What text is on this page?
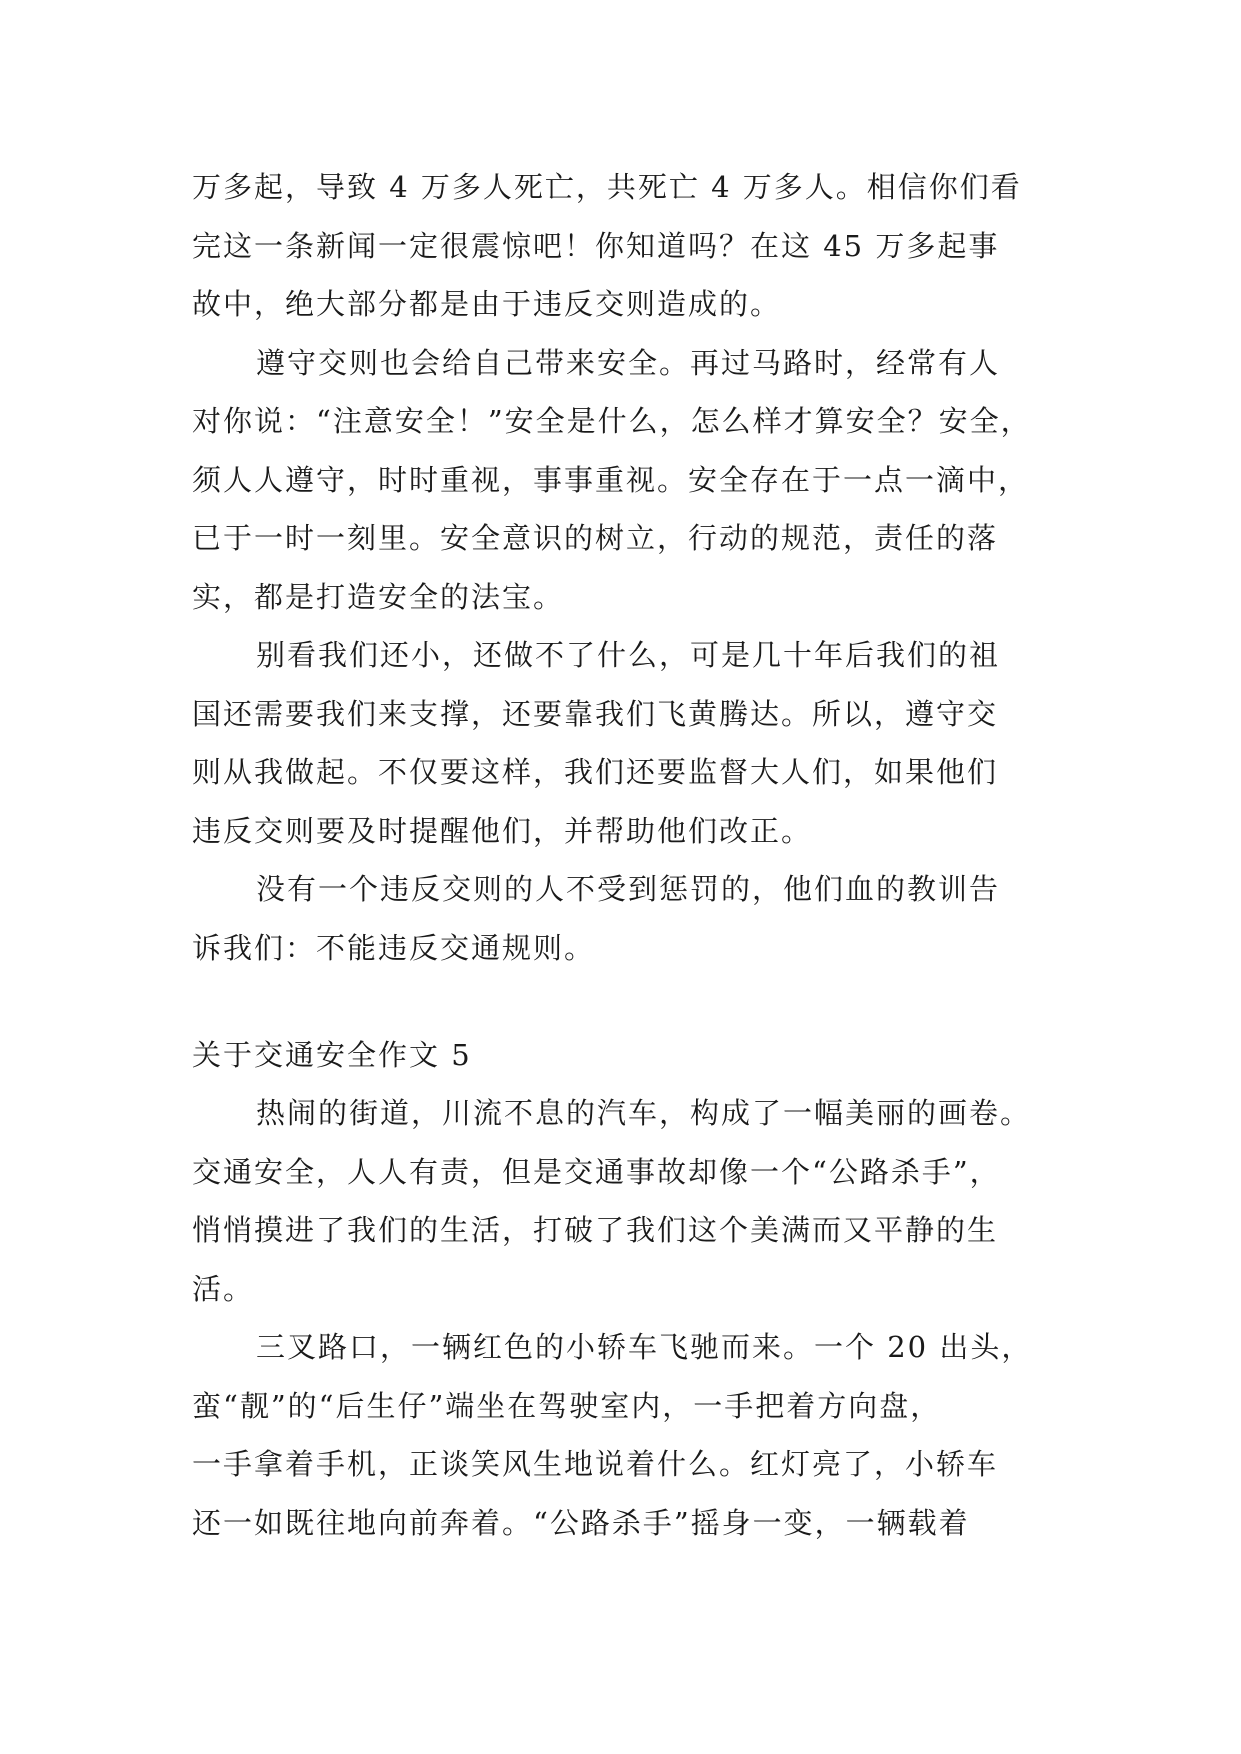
万多起，导致 4 万多人死亡，共死亡 4 万多人。相信你们看
完这一条新闻一定很震惊吧！你知道吗？在这 45 万多起事
故中，绝大部分都是由于违反交则造成的。
遵守交则也会给自己带来安全。再过马路时，经常有人
对你说：“注意安全！”安全是什么，怎么样才算安全？安全，
须人人遵守，时时重视，事事重视。安全存在于一点一滴中，
已于一时一刻里。安全意识的树立，行动的规范，责任的落
实，都是打造安全的法宝。
别看我们还小，还做不了什么，可是几十年后我们的祖
国还需要我们来支撑，还要靠我们飞黄腾达。所以，遵守交
则从我做起。不仅要这样，我们还要监督大人们，如果他们
违反交则要及时提醒他们，并帮助他们改正。
没有一个违反交则的人不受到惩罚的，他们血的教训告
诉我们：不能违反交通规则。
关于交通安全作文 5
热闹的街道，川流不息的汽车，构成了一幅美丽的画卷。
交通安全，人人有责，但是交通事故却像一个“公路杀手”，
悄悄摸进了我们的生活，打破了我们这个美满而又平静的生
活。
三叉路口，一辆红色的小轿车飞驰而来。一个 20 出头，
蛮“靓”的“后生仔”端坐在驾驶室内，一手把着方向盘，
一手拿着手机，正谈笑风生地说着什么。红灯亮了，小轿车
还一如既往地向前奔着。“公路杀手”摇身一变，一辆载着
